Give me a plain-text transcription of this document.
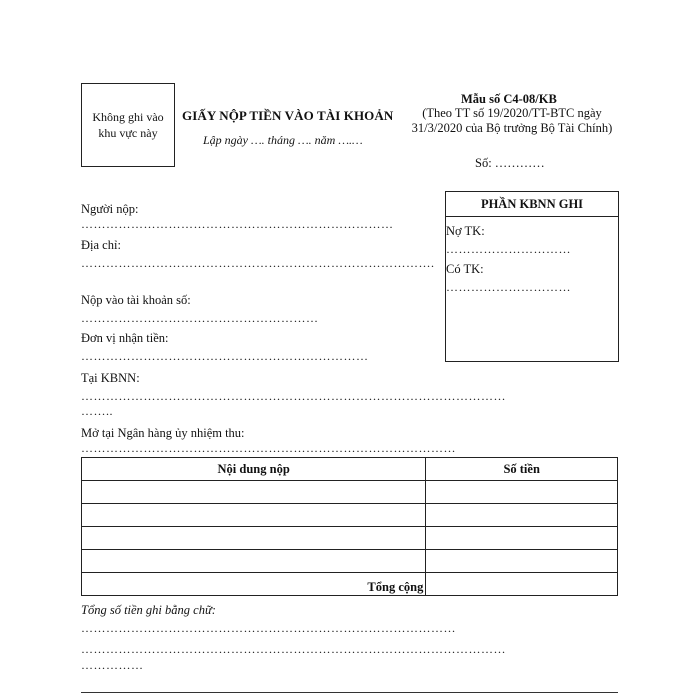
Không ghi vào khu vực này
GIẤY NỘP TIỀN VÀO TÀI KHOẢN
Lập ngày …. tháng …. năm ….…
Mẫu số C4-08/KB
(Theo TT số 19/2020/TT-BTC ngày 31/3/2020 của Bộ trưởng Bộ Tài Chính)
Số: …………
Người nộp:
…………………………………………………………………
Địa chỉ:
………………………………………………………………………….
Nộp vào tài khoản số:
…………………………………………………
Đơn vị nhận tiền:
……………………………………………………………
PHẦN KBNN GHI
Nợ TK:
…………………………
Có TK:
…………………………
Tại KBNN:
…………………………………………………………………………………………
……..
Mở tại Ngân hàng ủy nhiệm thu:
………………………………………………………………………………
Nội dung nộp	Số tiền

Tổng cộng	
Tổng số tiền ghi bằng chữ:
………………………………………………………………………………
…………………………………………………………………………………………
……………
